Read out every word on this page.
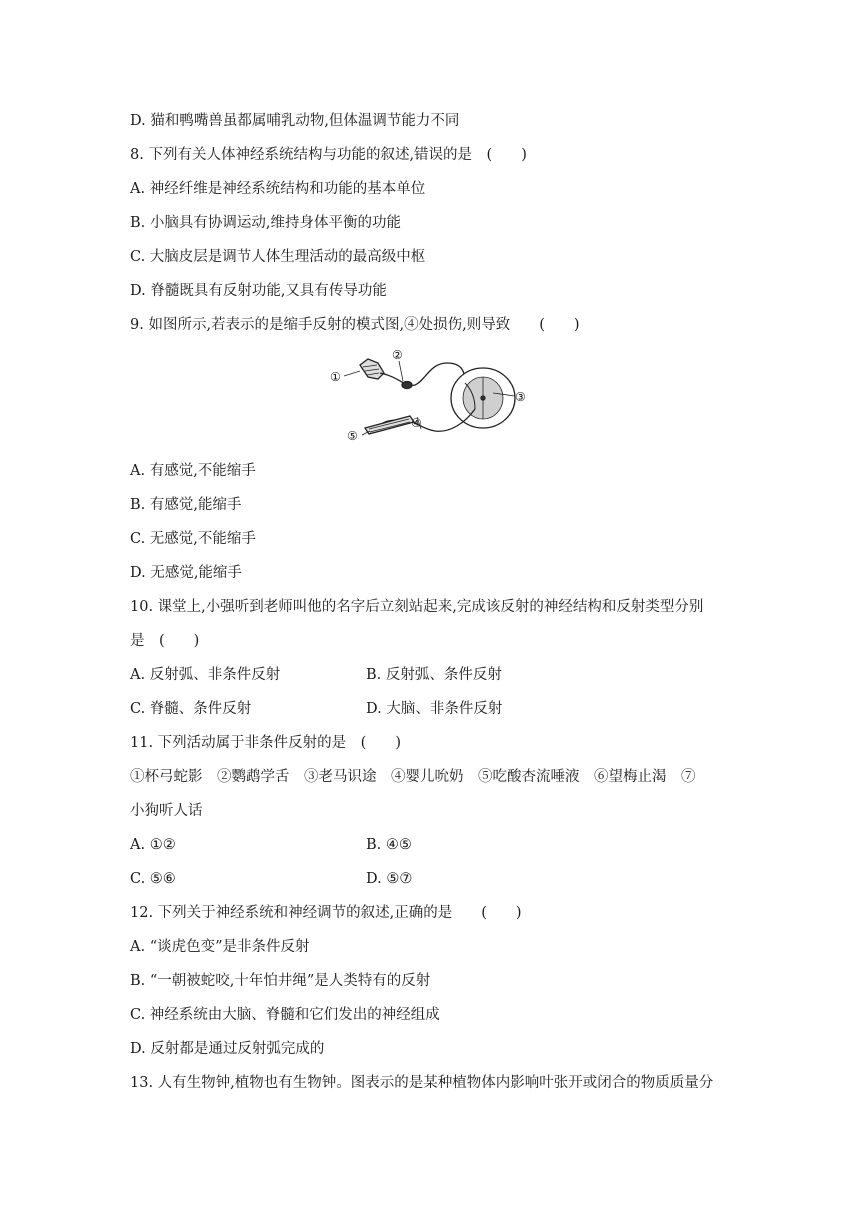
D. 猫和鸭嘴兽虽都属哺乳动物,但体温调节能力不同
8. 下列有关人体神经系统结构与功能的叙述,错误的是　(　　)
A. 神经纤维是神经系统结构和功能的基本单位
B. 小脑具有协调运动,维持身体平衡的功能
C. 大脑皮层是调节人体生理活动的最高级中枢
D. 脊髓既具有反射功能,又具有传导功能
9. 如图所示,若表示的是缩手反射的模式图,④处损伤,则导致　　(　　)
①
②
③
④
⑤
A. 有感觉,不能缩手
B. 有感觉,能缩手
C. 无感觉,不能缩手
D. 无感觉,能缩手
10. 课堂上,小强听到老师叫他的名字后立刻站起来,完成该反射的神经结构和反射类型分别
是　(　　)
A. 反射弧、非条件反射	B. 反射弧、条件反射
C. 脊髓、条件反射	D. 大脑、非条件反射
11. 下列活动属于非条件反射的是　(　　)
①杯弓蛇影　②鹦鹉学舌　③老马识途　④婴儿吮奶　⑤吃酸杏流唾液　⑥望梅止渴　⑦
小狗听人话
A. ①②	B. ④⑤
C. ⑤⑥	D. ⑤⑦
12. 下列关于神经系统和神经调节的叙述,正确的是　　(　　)
A. “谈虎色变”是非条件反射
B. “一朝被蛇咬,十年怕井绳”是人类特有的反射
C. 神经系统由大脑、脊髓和它们发出的神经组成
D. 反射都是通过反射弧完成的
13. 人有生物钟,植物也有生物钟。图表示的是某种植物体内影响叶张开或闭合的物质质量分
